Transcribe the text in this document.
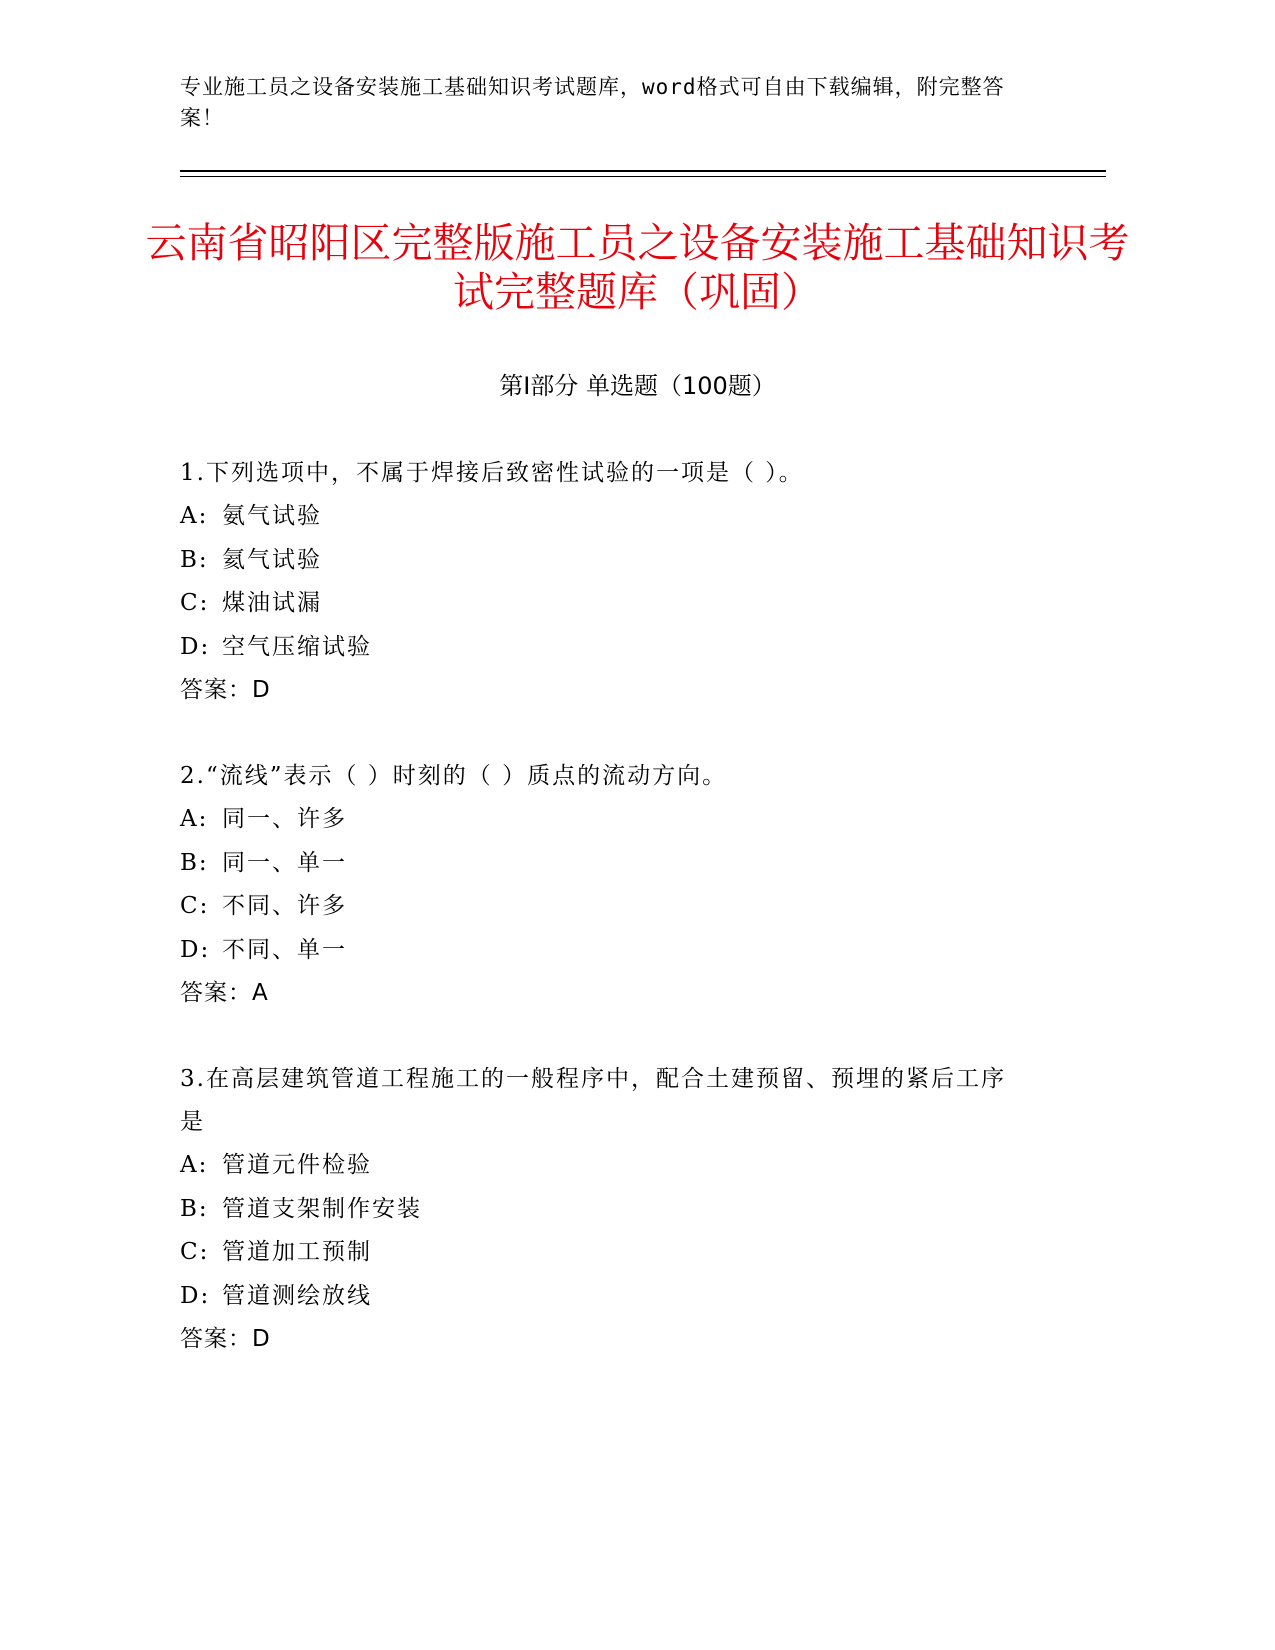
专业施工员之设备安装施工基础知识考试题库，word格式可自由下载编辑，附完整答案！
云南省昭阳区完整版施工员之设备安装施工基础知识考试完整题库（巩固）
第Ⅰ部分 单选题（100题）
1.下列选项中，不属于焊接后致密性试验的一项是（ ）。
A: 氨气试验
B: 氦气试验
C: 煤油试漏
D: 空气压缩试验
答案：D
2.“流线”表示（ ）时刻的（ ）质点的流动方向。
A: 同一、许多
B: 同一、单一
C: 不同、许多
D: 不同、单一
答案：A
3.在高层建筑管道工程施工的一般程序中，配合土建预留、预埋的紧后工序是
A: 管道元件检验
B: 管道支架制作安装
C: 管道加工预制
D: 管道测绘放线
答案：D
